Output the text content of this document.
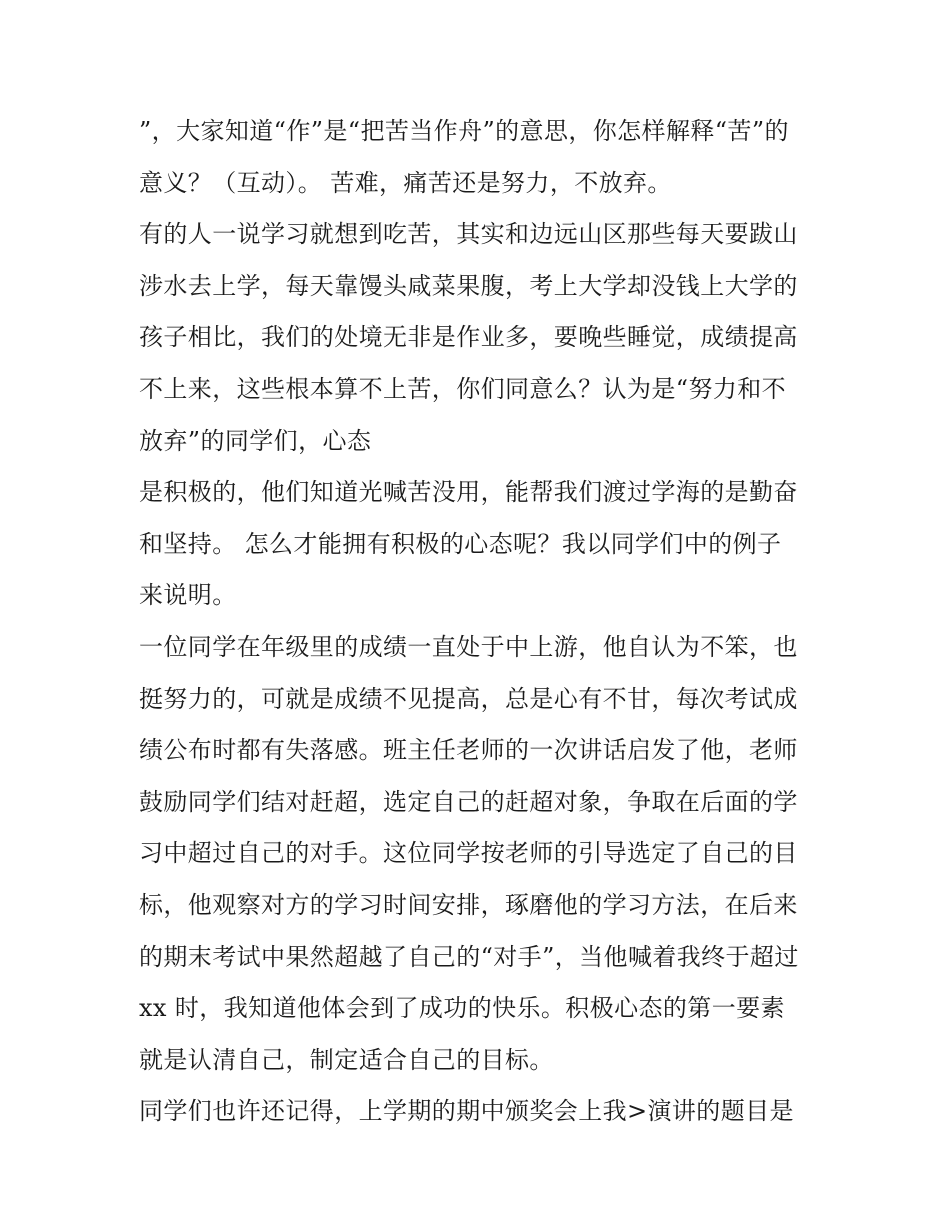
”，大家知道“作”是“把苦当作舟”的意思，你怎样解释“苦”的
意义？（互动）。 苦难，痛苦还是努力，不放弃。
有的人一说学习就想到吃苦，其实和边远山区那些每天要跋山
涉水去上学，每天靠馒头咸菜果腹，考上大学却没钱上大学的
孩子相比，我们的处境无非是作业多，要晚些睡觉，成绩提高
不上来，这些根本算不上苦，你们同意么？认为是“努力和不
放弃”的同学们，心态
是积极的，他们知道光喊苦没用，能帮我们渡过学海的是勤奋
和坚持。 怎么才能拥有积极的心态呢？我以同学们中的例子
来说明。
一位同学在年级里的成绩一直处于中上游，他自认为不笨，也
挺努力的，可就是成绩不见提高，总是心有不甘，每次考试成
绩公布时都有失落感。班主任老师的一次讲话启发了他，老师
鼓励同学们结对赶超，选定自己的赶超对象，争取在后面的学
习中超过自己的对手。这位同学按老师的引导选定了自己的目
标，他观察对方的学习时间安排，琢磨他的学习方法，在后来
的期末考试中果然超越了自己的“对手”，当他喊着我终于超过
xx 时，我知道他体会到了成功的快乐。积极心态的第一要素
就是认清自己，制定适合自己的目标。
同学们也许还记得，上学期的期中颁奖会上我>演讲的题目是
